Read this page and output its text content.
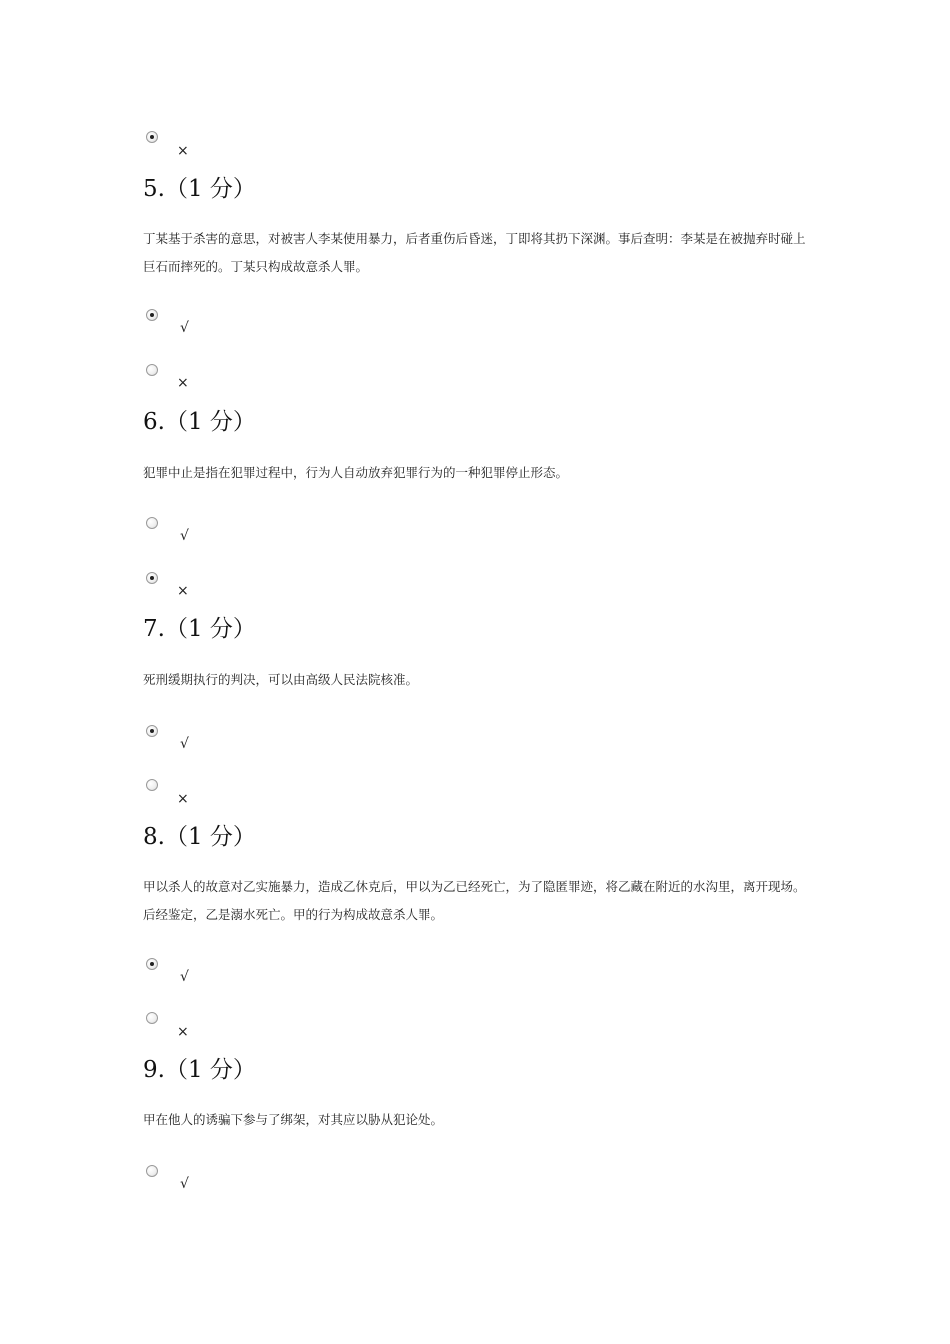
×
5.（1 分）
丁某基于杀害的意思，对被害人李某使用暴力，后者重伤后昏迷，丁即将其扔下深渊。事后查明：李某是在被抛弃时碰上巨石而摔死的。丁某只构成故意杀人罪。
√
×
6.（1 分）
犯罪中止是指在犯罪过程中，行为人自动放弃犯罪行为的一种犯罪停止形态。
√
×
7.（1 分）
死刑缓期执行的判决，可以由高级人民法院核准。
√
×
8.（1 分）
甲以杀人的故意对乙实施暴力，造成乙休克后，甲以为乙已经死亡，为了隐匿罪迹，将乙藏在附近的水沟里，离开现场。后经鉴定，乙是溺水死亡。甲的行为构成故意杀人罪。
√
×
9.（1 分）
甲在他人的诱骗下参与了绑架，对其应以胁从犯论处。
√
